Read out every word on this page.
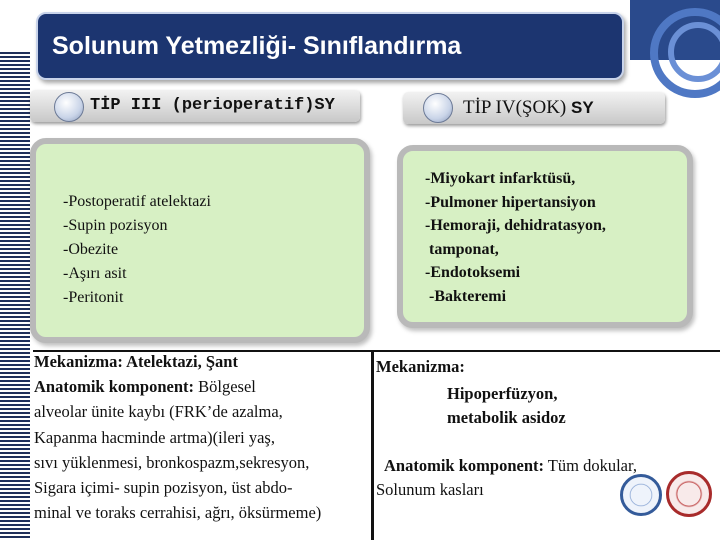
Solunum Yetmezliği- Sınıflandırma
TİP III (perioperatif)SY	TİP IV(ŞOK) SY
-Postoperatif atelektazi
-Supin pozisyon
-Obezite
-Aşırı asit
-Peritonit
-Miyokart infarktüsü,
-Pulmoner hipertansiyon
-Hemoraji, dehidratasyon,
tamponat,
-Endotoksemi
-Bakteremi
Mekanizma: Atelektazi, Şant
Anatomik komponent: Bölgesel
alveolar ünite kaybı (FRK’de azalma,
Kapanma hacminde artma)(ileri yaş,
sıvı yüklenmesi, bronkospazm,sekresyon,
Sigara içimi- supin pozisyon, üst abdo-
minal ve toraks cerrahisi, ağrı, öksürmeme)
Mekanizma:
Hipoperfüzyon,
metabolik asidoz
Anatomik komponent: Tüm dokular,
Solunum kasları
